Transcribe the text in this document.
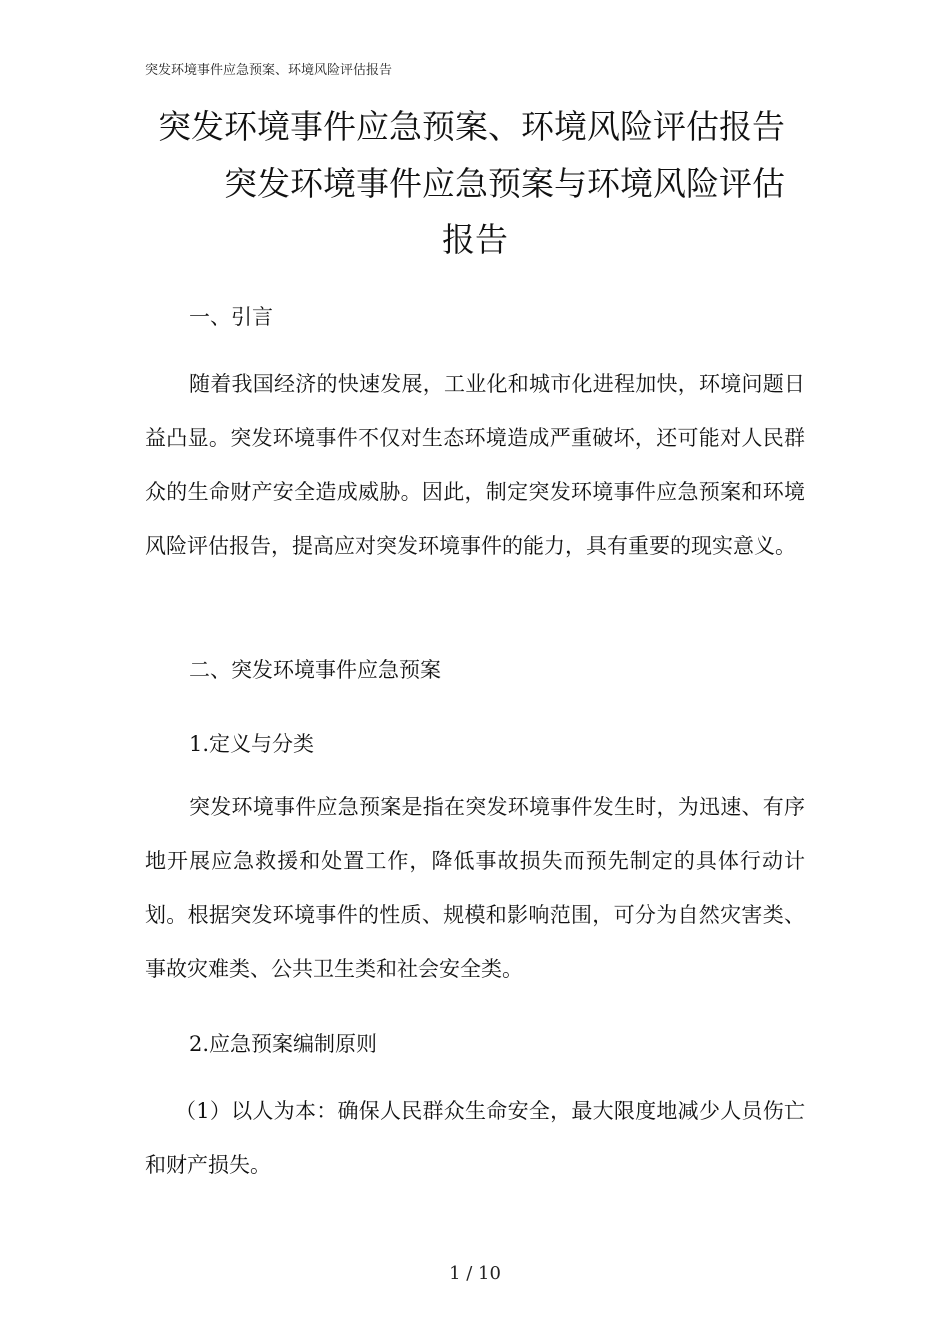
突发环境事件应急预案、环境风险评估报告
突发环境事件应急预案、环境风险评估报告
突发环境事件应急预案与环境风险评估
报告
一、引言

随着我国经济的快速发展，工业化和城市化进程加快，环境问题日益凸显。突发环境事件不仅对生态环境造成严重破坏，还可能对人民群众的生命财产安全造成威胁。因此，制定突发环境事件应急预案和环境风险评估报告，提高应对突发环境事件的能力，具有重要的现实意义。

二、突发环境事件应急预案
1.定义与分类

突发环境事件应急预案是指在突发环境事件发生时，为迅速、有序地开展应急救援和处置工作，降低事故损失而预先制定的具体行动计划。根据突发环境事件的性质、规模和影响范围，可分为自然灾害类、事故灾难类、公共卫生类和社会安全类。

2.应急预案编制原则

（1）以人为本：确保人民群众生命安全，最大限度地减少人员伤亡和财产损失。

1 / 10
